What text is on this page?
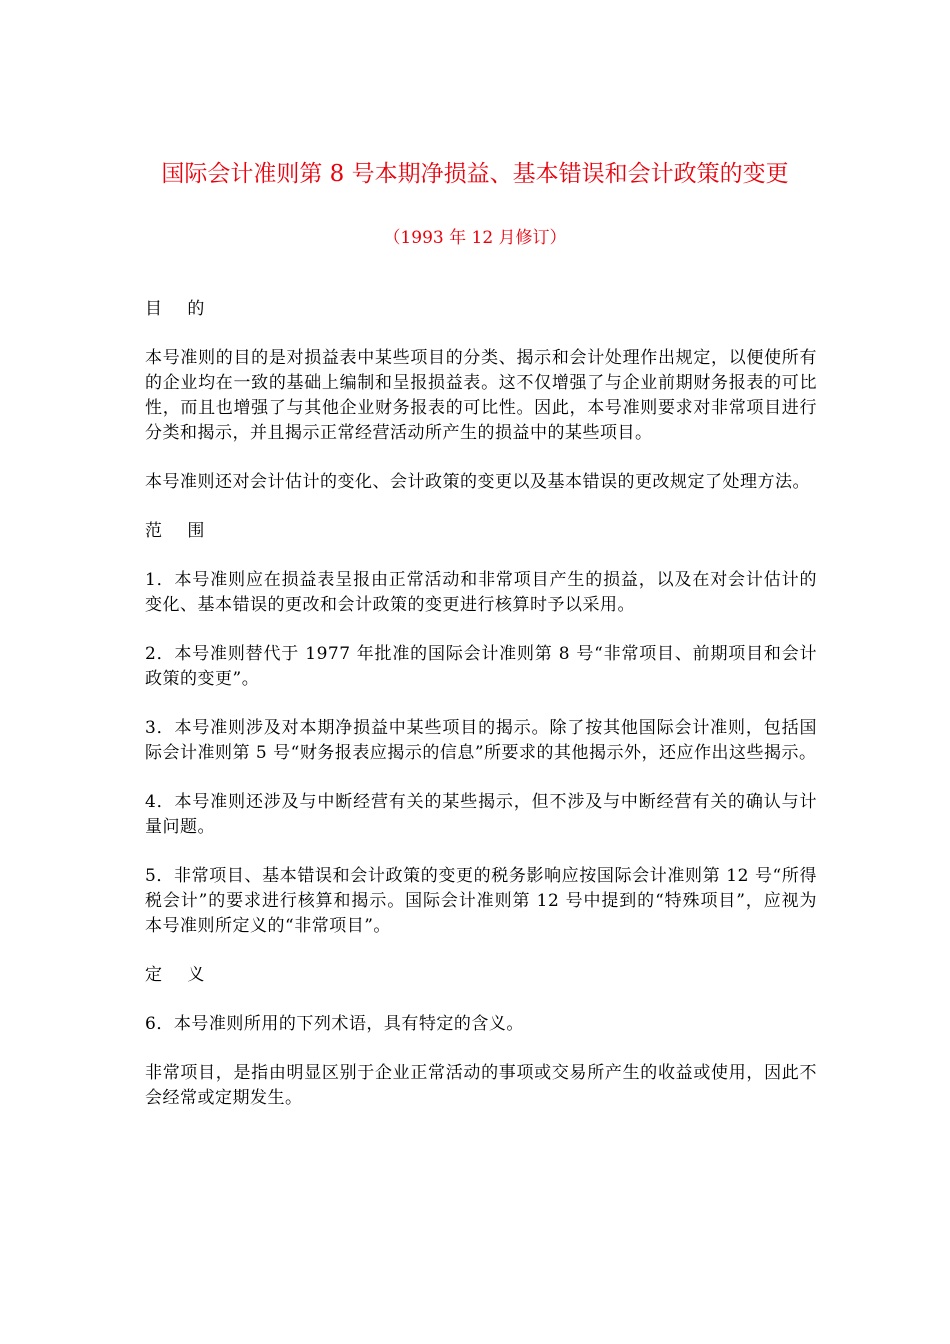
国际会计准则第 8 号本期净损益、基本错误和会计政策的变更
（1993 年 12 月修订）

目 的

本号准则的目的是对损益表中某些项目的分类、揭示和会计处理作出规定，以便使所有的企业均在一致的基础上编制和呈报损益表。这不仅增强了与企业前期财务报表的可比性，而且也增强了与其他企业财务报表的可比性。因此，本号准则要求对非常项目进行分类和揭示，并且揭示正常经营活动所产生的损益中的某些项目。

本号准则还对会计估计的变化、会计政策的变更以及基本错误的更改规定了处理方法。

范 围

1．本号准则应在损益表呈报由正常活动和非常项目产生的损益，以及在对会计估计的变化、基本错误的更改和会计政策的变更进行核算时予以采用。

2．本号准则替代于 1977 年批准的国际会计准则第 8 号“非常项目、前期项目和会计政策的变更”。

3．本号准则涉及对本期净损益中某些项目的揭示。除了按其他国际会计准则，包括国际会计准则第 5 号“财务报表应揭示的信息”所要求的其他揭示外，还应作出这些揭示。

4．本号准则还涉及与中断经营有关的某些揭示，但不涉及与中断经营有关的确认与计量问题。

5．非常项目、基本错误和会计政策的变更的税务影响应按国际会计准则第 12 号“所得税会计”的要求进行核算和揭示。国际会计准则第 12 号中提到的“特殊项目”，应视为本号准则所定义的“非常项目”。

定 义

6．本号准则所用的下列术语，具有特定的含义。

非常项目，是指由明显区别于企业正常活动的事项或交易所产生的收益或使用，因此不会经常或定期发生。
